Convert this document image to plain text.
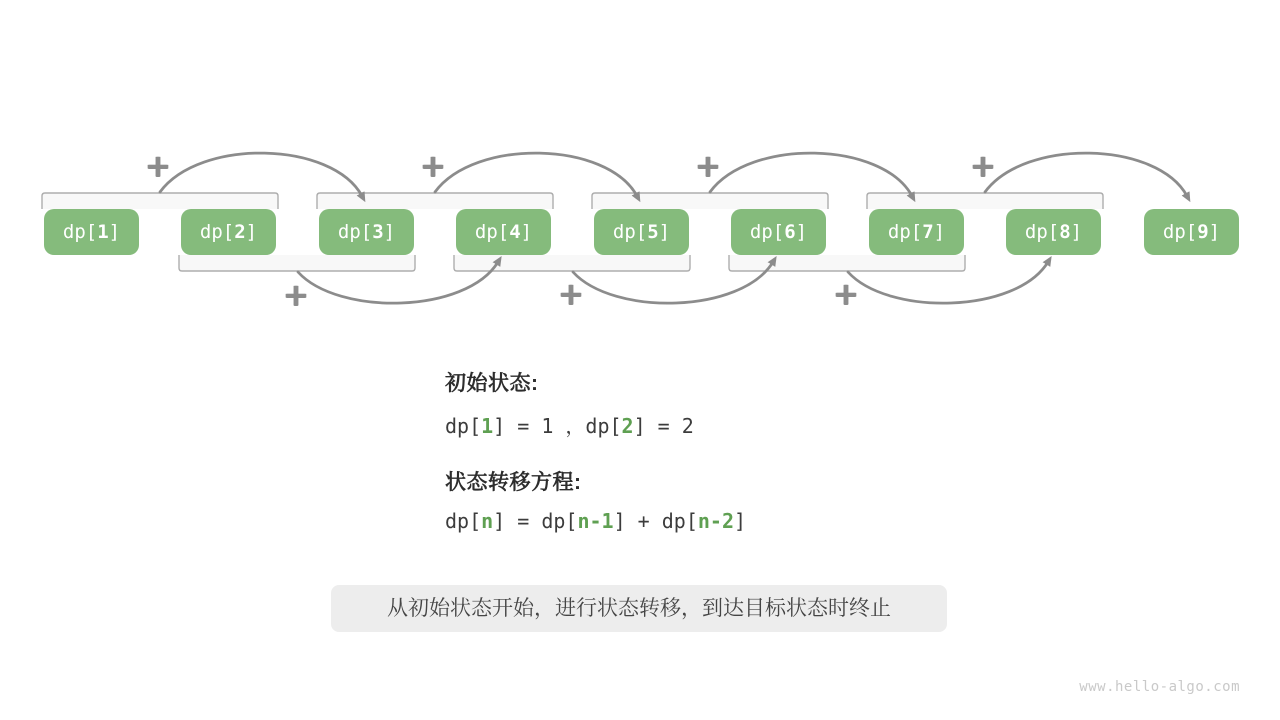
+	+	+	+
+	+	+
dp[1]	dp[2]	dp[3]	dp[4]	dp[5]	dp[6]	dp[7]	dp[8]	dp[9]
初始状态:
dp[1] = 1 ，dp[2] = 2
状态转移方程:
dp[n] = dp[n-1] + dp[n-2]
从初始状态开始，进行状态转移，到达目标状态时终止
www.hello-algo.com
